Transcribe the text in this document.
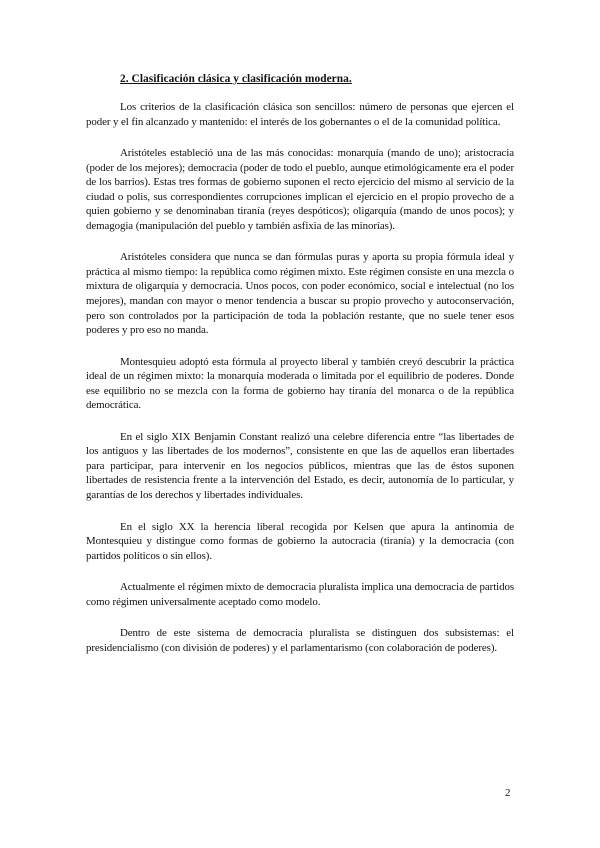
2. Clasificación clásica y clasificación moderna.

Los criterios de la clasificación clásica son sencillos: número de personas que ejercen el poder y el fin alcanzado y mantenido: el interés de los gobernantes o el de la comunidad política.

Aristóteles estableció una de las más conocidas: monarquía (mando de uno); aristocracia (poder de los mejores); democracia (poder de todo el pueblo, aunque etimológicamente era el poder de los barrios). Estas tres formas de gobierno suponen el recto ejercicio del mismo al servicio de la ciudad o polis, sus correspondientes corrupciones implican el ejercicio en el propio provecho de a quien gobierno y se denominaban tiranía (reyes despóticos); oligarquía (mando de unos pocos); y demagogia (manipulación del pueblo y también asfixia de las minorías).

Aristóteles considera que nunca se dan fórmulas puras y aporta su propia fórmula ideal y práctica al mismo tiempo: la república como régimen mixto. Este régimen consiste en una mezcla o mixtura de oligarquía y democracia. Unos pocos, con poder económico, social e intelectual (no los mejores), mandan con mayor o menor tendencia a buscar su propio provecho y autoconservación, pero son controlados por la participación de toda la población restante, que no suele tener esos poderes y pro eso no manda.

Montesquieu adoptó esta fórmula al proyecto liberal y también creyó descubrir la práctica ideal de un régimen mixto: la monarquía moderada o limitada por el equilibrio de poderes. Donde ese equilibrio no se mezcla con la forma de gobierno hay tiranía del monarca o de la república democrática.

En el siglo XIX Benjamin Constant realizó una celebre diferencia entre “las libertades de los antiguos y las libertades de los modernos”, consistente en que las de aquellos eran libertades para participar, para intervenir en los negocios públicos, mientras que las de éstos suponen libertades de resistencia frente a la intervención del Estado, es decir, autonomía de lo particular, y garantías de los derechos y libertades individuales.

En el siglo XX la herencia liberal recogida por Kelsen que apura la antinomia de Montesquieu y distingue como formas de gobierno la autocracia (tiranía) y la democracia (con partidos políticos o sin ellos).

Actualmente el régimen mixto de democracia pluralista implica una democracia de partidos como régimen universalmente aceptado como modelo.

Dentro de este sistema de democracia pluralista se distinguen dos subsistemas: el presidencialismo (con división de poderes) y el parlamentarismo (con colaboración de poderes).

2
